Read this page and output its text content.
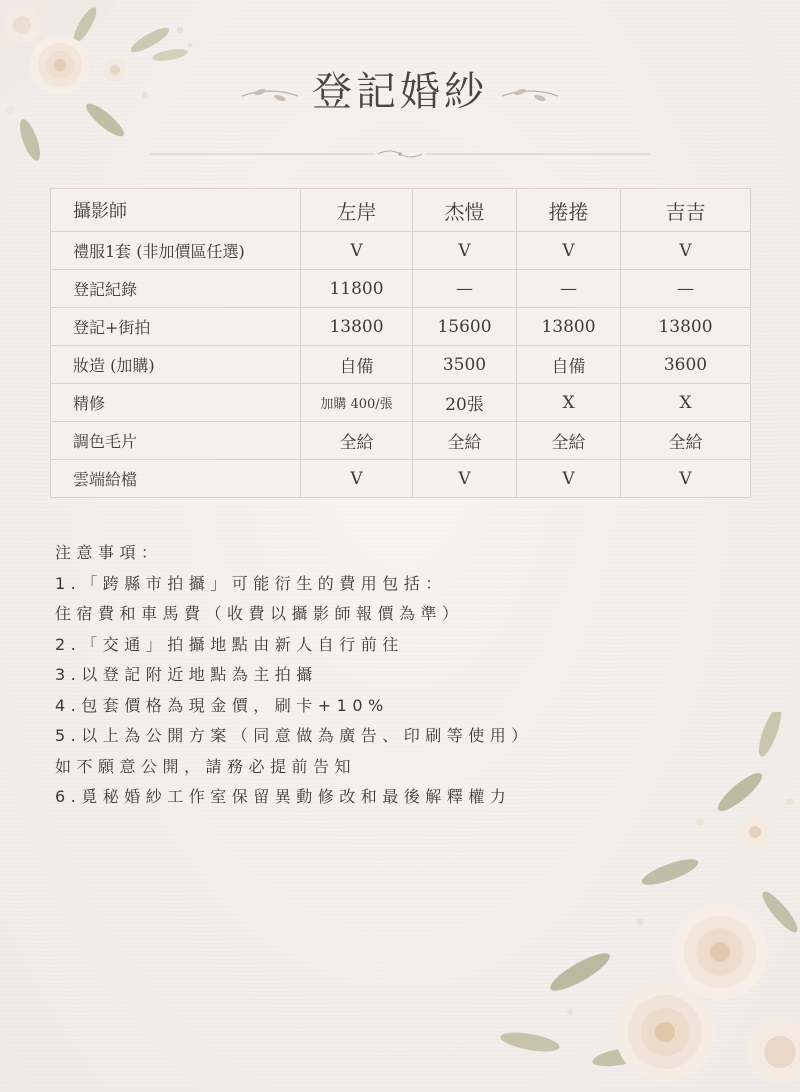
登記婚紗
攝影師	左岸	杰愷	捲捲	吉吉
禮服1套 (非加價區任選)	V	V	V	V
登記紀錄	11800	—	—	—
登記+街拍	13800	15600	13800	13800
妝造 (加購)	自備	3500	自備	3600
精修	加購 400/張	20張	X	X
調色毛片	全給	全給	全給	全給
雲端給檔	V	V	V	V
注意事項：
1.「跨縣市拍攝」可能衍生的費用包括：
住宿費和車馬費（收費以攝影師報價為準）
2.「交通」拍攝地點由新人自行前往
3.以登記附近地點為主拍攝
4.包套價格為現金價，刷卡+10%
5.以上為公開方案（同意做為廣告、印刷等使用）
如不願意公開，請務必提前告知
6.覓秘婚紗工作室保留異動修改和最後解釋權力
